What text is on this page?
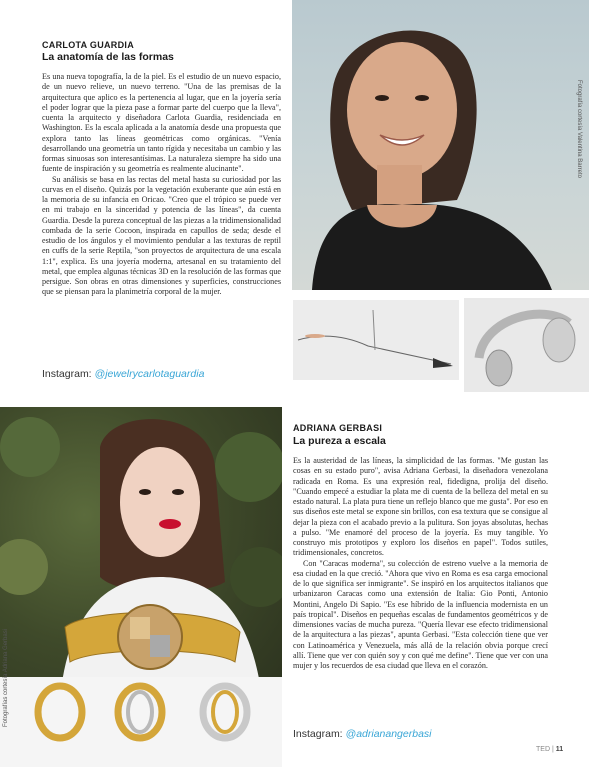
CARLOTA GUARDIA
La anatomía de las formas

Es una nueva topografía, la de la piel. Es el estudio de un nuevo espacio, de un nuevo relieve, un nuevo terreno. "Una de las premisas de la arquitectura que aplico es la pertenencia al lugar, que en la joyería sería el poder lograr que la pieza pase a formar parte del cuerpo que la lleva", cuenta la arquitecto y diseñadora Carlota Guardia, residenciada en Washington. Es la escala aplicada a la anatomía desde una propuesta que explora tanto las líneas geométricas como orgánicas. "Venía desarrollando una geometría un tanto rígida y necesitaba un cambio y las formas sinuosas son interesantísimas. La naturaleza siempre ha sido una fuente de inspiración y su geometría es realmente alucinante".

Su análisis se basa en las rectas del metal hasta su curiosidad por las curvas en el diseño. Quizás por la vegetación exuberante que aún está en la memoria de su infancia en Oricao. "Creo que el trópico se puede ver en mi trabajo en la sinceridad y potencia de las líneas", da cuenta Guardia. Desde la pureza conceptual de las piezas a la tridimensionalidad combada de la serie Cocoon, inspirada en capullos de seda; desde el estudio de los ángulos y el movimiento pendular a las texturas de reptil en cuffs de la serie Reptila, "son proyectos de arquitectura de una escala 1:1", explica. Es una joyería moderna, artesanal en su tratamiento del metal, que emplea algunas técnicas 3D en la resolución de las formas que persigue. Son obras en otras dimensiones y superficies, construcciones que se piensan para la planimetría corporal de la mujer.

Instagram: @jewelrycarlotaguardia
Fotografía cortesía Valentina Barreto
Fotografías cortesía Adriana Gerbasi
ADRIANA GERBASI
La pureza a escala

Es la austeridad de las líneas, la simplicidad de las formas. "Me gustan las cosas en su estado puro", avisa Adriana Gerbasi, la diseñadora venezolana radicada en Roma. Es una expresión real, fidedigna, prolija del diseño. "Cuando empecé a estudiar la plata me di cuenta de la belleza del metal en su estado natural. La plata pura tiene un reflejo blanco que me gusta". Por eso en sus diseños este metal se expone sin brillos, con esa textura que se consigue al dejar la pieza con el acabado previo a la pulitura. Son joyas absolutas, hechas a pulso. "Me enamoré del proceso de la joyería. Es muy tangible. Yo construyo mis prototipos y exploro los diseños en papel". Todos sutiles, tridimensionales, concretos.

Con "Caracas moderna", su colección de estreno vuelve a la memoria de esa ciudad en la que creció. "Ahora que vivo en Roma es esa carga emocional de lo que significa ser inmigrante". Se inspiró en los arquitectos italianos que urbanizaron Caracas como una extensión de Italia: Gio Ponti, Antonio Montini, Angelo Di Sapio. "Es ese híbrido de la influencia modernista en un país tropical". Diseños en pequeñas escalas de fundamentos geométricos y de dimensiones vacías de mucha pureza. "Quería llevar ese efecto tridimensional de la arquitectura a las piezas", apunta Gerbasi. "Esta colección tiene que ver con Latinoamérica y Venezuela, más allá de la relación obvia porque crecí allí. Tiene que ver con quién soy y con qué me define". Tiene que ver con una mujer y los recuerdos de esa ciudad que lleva en el corazón.

Instagram: @adrianangerbasi
TED | 11
